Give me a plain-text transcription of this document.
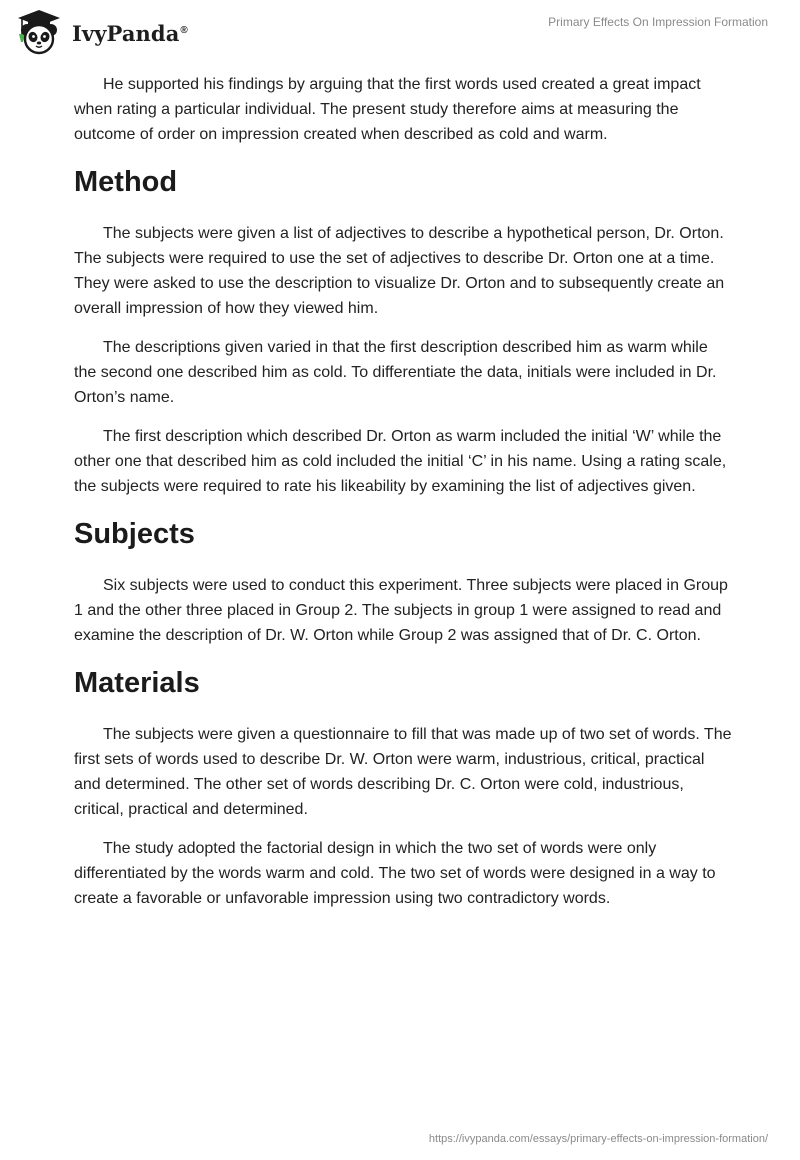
IvyPanda®
Primary Effects On Impression Formation

He supported his findings by arguing that the first words used created a great impact when rating a particular individual. The present study therefore aims at measuring the outcome of order on impression created when described as cold and warm.

Method

The subjects were given a list of adjectives to describe a hypothetical person, Dr. Orton. The subjects were required to use the set of adjectives to describe Dr. Orton one at a time. They were asked to use the description to visualize Dr. Orton and to subsequently create an overall impression of how they viewed him.

The descriptions given varied in that the first description described him as warm while the second one described him as cold. To differentiate the data, initials were included in Dr. Orton’s name.

The first description which described Dr. Orton as warm included the initial ‘W’ while the other one that described him as cold included the initial ‘C’ in his name. Using a rating scale, the subjects were required to rate his likeability by examining the list of adjectives given.

Subjects

Six subjects were used to conduct this experiment. Three subjects were placed in Group 1 and the other three placed in Group 2. The subjects in group 1 were assigned to read and examine the description of Dr. W. Orton while Group 2 was assigned that of Dr. C. Orton.

Materials

The subjects were given a questionnaire to fill that was made up of two set of words. The first sets of words used to describe Dr. W. Orton were warm, industrious, critical, practical and determined. The other set of words describing Dr. C. Orton were cold, industrious, critical, practical and determined.

The study adopted the factorial design in which the two set of words were only differentiated by the words warm and cold. The two set of words were designed in a way to create a favorable or unfavorable impression using two contradictory words.

https://ivypanda.com/essays/primary-effects-on-impression-formation/
